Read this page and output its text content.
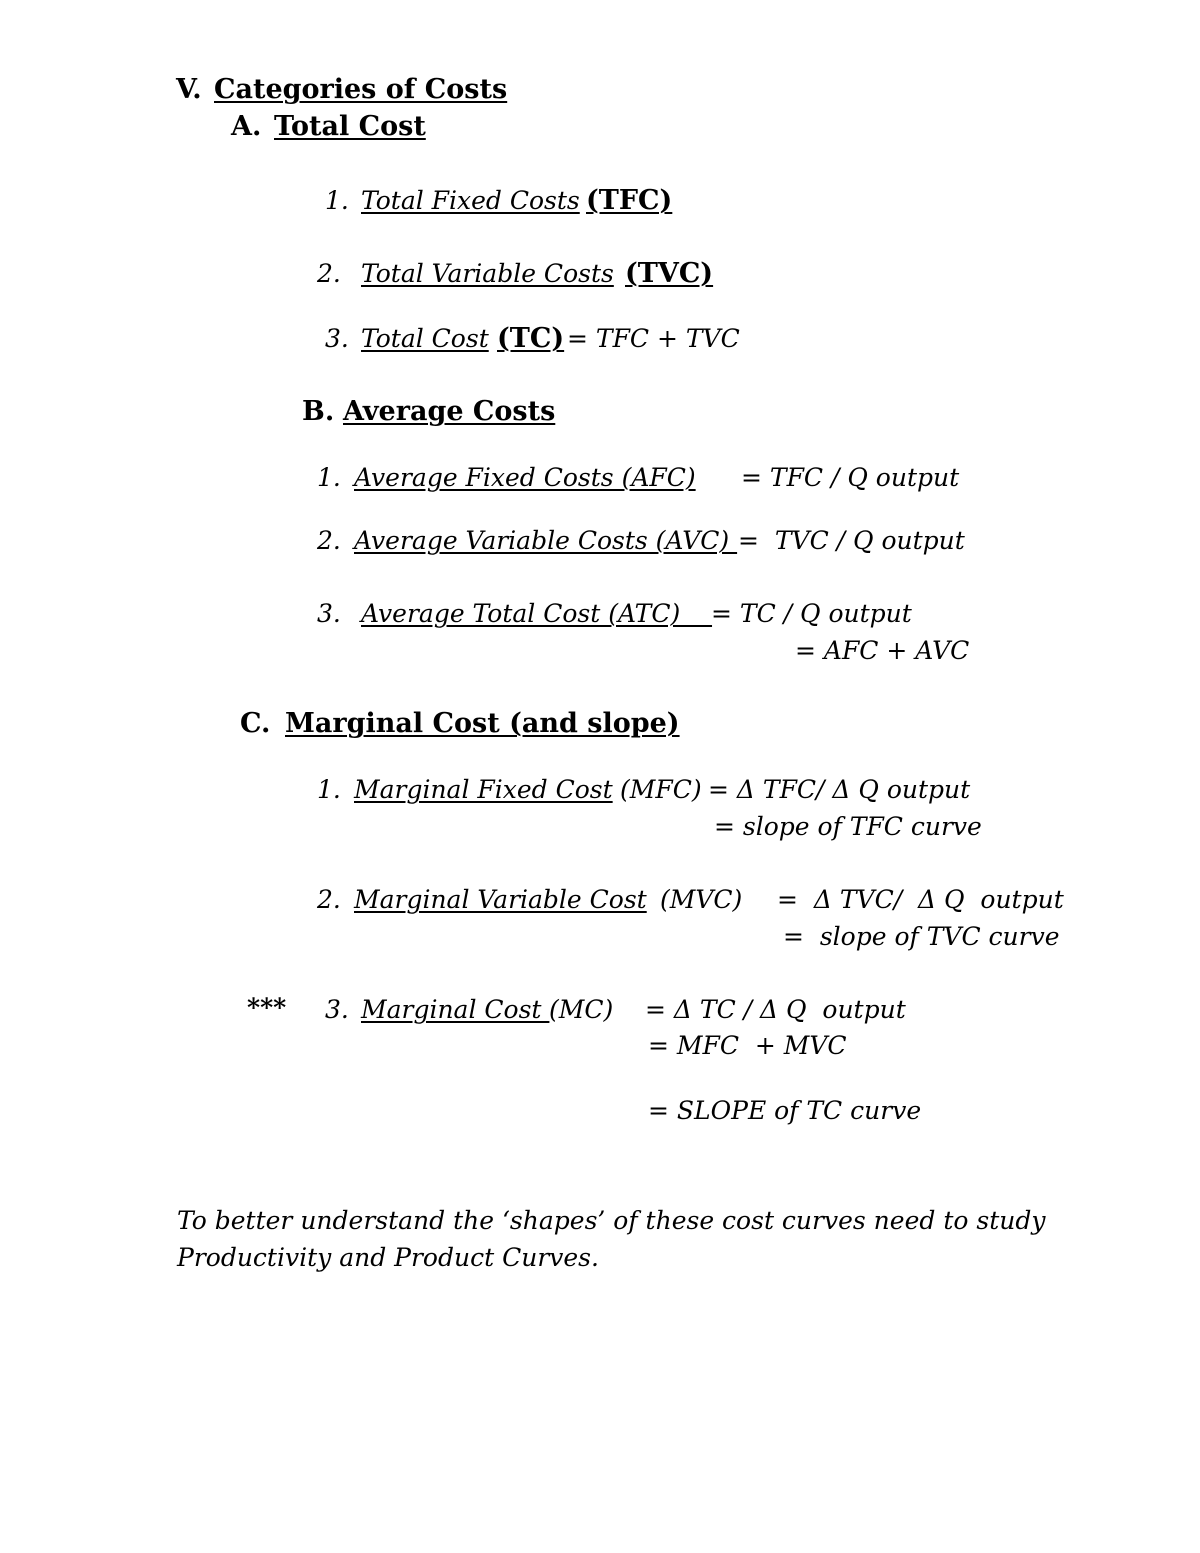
V. Categories of Costs
A. Total Cost
1. Total Fixed Costs (TFC)
2. Total Variable Costs (TVC)
3. Total Cost (TC) = TFC + TVC
B. Average Costs
1. Average Fixed Costs (AFC) = TFC / Q output
2. Average Variable Costs (AVC) =  TVC / Q output
3. Average Total Cost (ATC)
= TC / Q output
= AFC + AVC
C. Marginal Cost (and slope)
1. Marginal Fixed Cost (MFC) = Δ TFC/ Δ Q output
= slope of TFC curve
2. Marginal Variable Cost (MVC) =  Δ TVC/  Δ Q  output
=  slope of TVC curve
*** 3. Marginal Cost (MC) = Δ TC / Δ Q  output
= MFC  + MVC
= SLOPE of TC curve
To better understand the ‘shapes’ of these cost curves need to study
Productivity and Product Curves.
